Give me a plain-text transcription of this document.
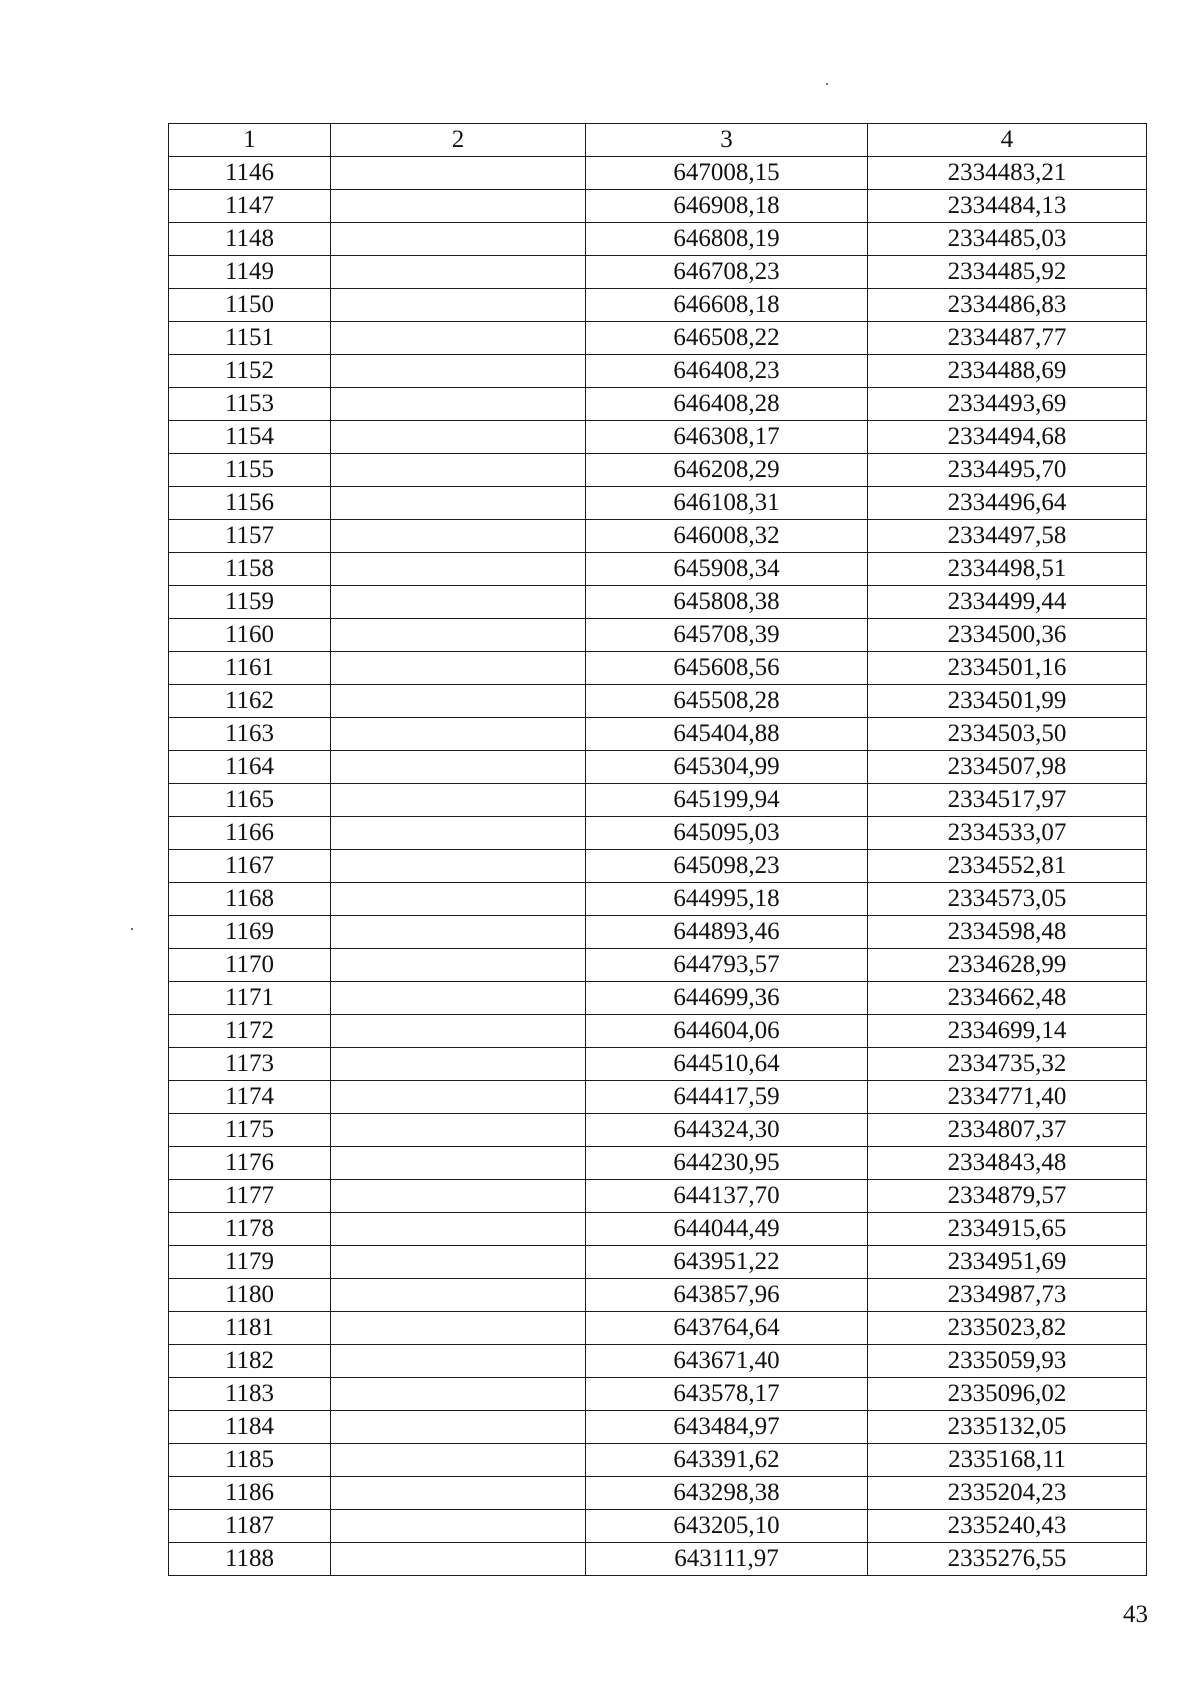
1	2	3	4
1146		647008,15	2334483,21
1147		646908,18	2334484,13
1148		646808,19	2334485,03
1149		646708,23	2334485,92
1150		646608,18	2334486,83
1151		646508,22	2334487,77
1152		646408,23	2334488,69
1153		646408,28	2334493,69
1154		646308,17	2334494,68
1155		646208,29	2334495,70
1156		646108,31	2334496,64
1157		646008,32	2334497,58
1158		645908,34	2334498,51
1159		645808,38	2334499,44
1160		645708,39	2334500,36
1161		645608,56	2334501,16
1162		645508,28	2334501,99
1163		645404,88	2334503,50
1164		645304,99	2334507,98
1165		645199,94	2334517,97
1166		645095,03	2334533,07
1167		645098,23	2334552,81
1168		644995,18	2334573,05
1169		644893,46	2334598,48
1170		644793,57	2334628,99
1171		644699,36	2334662,48
1172		644604,06	2334699,14
1173		644510,64	2334735,32
1174		644417,59	2334771,40
1175		644324,30	2334807,37
1176		644230,95	2334843,48
1177		644137,70	2334879,57
1178		644044,49	2334915,65
1179		643951,22	2334951,69
1180		643857,96	2334987,73
1181		643764,64	2335023,82
1182		643671,40	2335059,93
1183		643578,17	2335096,02
1184		643484,97	2335132,05
1185		643391,62	2335168,11
1186		643298,38	2335204,23
1187		643205,10	2335240,43
1188		643111,97	2335276,55
43
